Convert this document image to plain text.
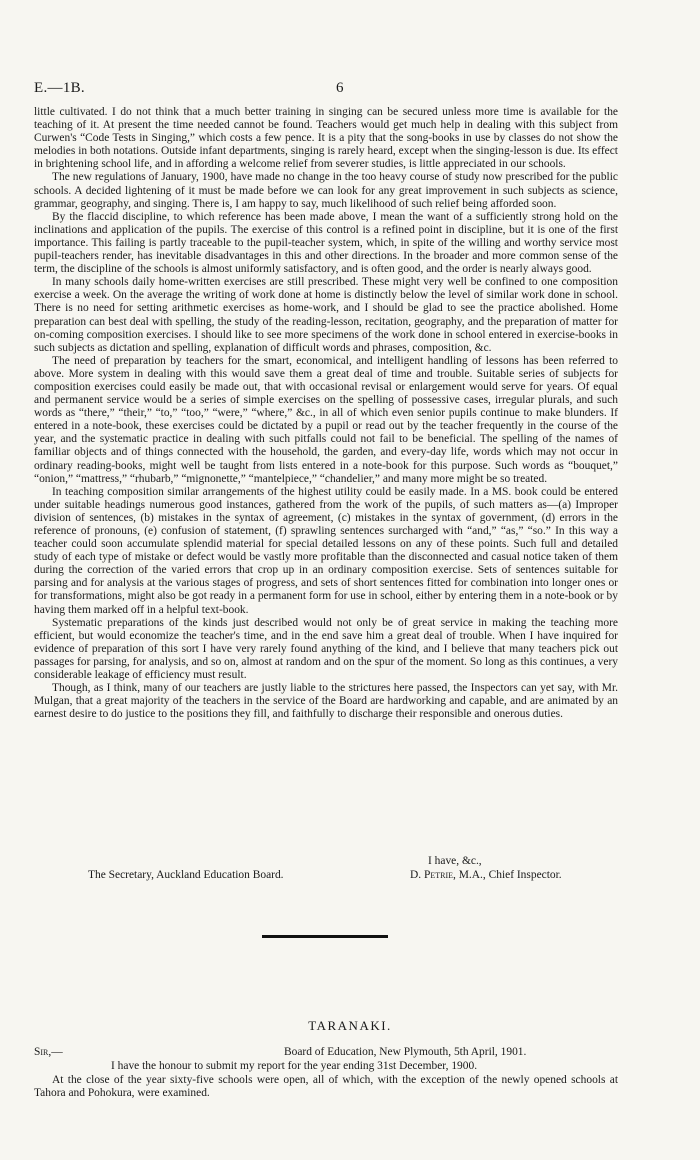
E.—1B.	6

little cultivated. I do not think that a much better training in singing can be secured unless more time is available for the teaching of it. At present the time needed cannot be found. Teachers would get much help in dealing with this subject from Curwen's “Code Tests in Singing,” which costs a few pence. It is a pity that the song-books in use by classes do not show the melodies in both notations. Outside infant departments, singing is rarely heard, except when the singing-lesson is due. Its effect in brightening school life, and in affording a welcome relief from severer studies, is little appreciated in our schools.

The new regulations of January, 1900, have made no change in the too heavy course of study now prescribed for the public schools. A decided lightening of it must be made before we can look for any great improvement in such subjects as science, grammar, geography, and singing. There is, I am happy to say, much likelihood of such relief being afforded soon.

By the flaccid discipline, to which reference has been made above, I mean the want of a sufficiently strong hold on the inclinations and application of the pupils. The exercise of this control is a refined point in discipline, but it is one of the first importance. This failing is partly traceable to the pupil-teacher system, which, in spite of the willing and worthy service most pupil-teachers render, has inevitable disadvantages in this and other directions. In the broader and more common sense of the term, the discipline of the schools is almost uniformly satisfactory, and is often good, and the order is nearly always good.

In many schools daily home-written exercises are still prescribed. These might very well be confined to one composition exercise a week. On the average the writing of work done at home is distinctly below the level of similar work done in school. There is no need for setting arithmetic exercises as home-work, and I should be glad to see the practice abolished. Home preparation can best deal with spelling, the study of the reading-lesson, recitation, geography, and the preparation of matter for on-coming composition exercises. I should like to see more specimens of the work done in school entered in exercise-books in such subjects as dictation and spelling, explanation of difficult words and phrases, composition, &c.

The need of preparation by teachers for the smart, economical, and intelligent handling of lessons has been referred to above. More system in dealing with this would save them a great deal of time and trouble. Suitable series of subjects for composition exercises could easily be made out, that with occasional revisal or enlargement would serve for years. Of equal and permanent service would be a series of simple exercises on the spelling of possessive cases, irregular plurals, and such words as “there,” “their,” “to,” “too,” “were,” “where,” &c., in all of which even senior pupils continue to make blunders. If entered in a note-book, these exercises could be dictated by a pupil or read out by the teacher frequently in the course of the year, and the systematic practice in dealing with such pitfalls could not fail to be beneficial. The spelling of the names of familiar objects and of things connected with the household, the garden, and every-day life, words which may not occur in ordinary reading-books, might well be taught from lists entered in a note-book for this purpose. Such words as “bouquet,” “onion,” “mattress,” “rhubarb,” “mignonette,” “mantelpiece,” “chandelier,” and many more might be so treated.

In teaching composition similar arrangements of the highest utility could be easily made. In a MS. book could be entered under suitable headings numerous good instances, gathered from the work of the pupils, of such matters as—(a) Improper division of sentences, (b) mistakes in the syntax of agreement, (c) mistakes in the syntax of government, (d) errors in the reference of pronouns, (e) confusion of statement, (f) sprawling sentences surcharged with “and,” “as,” “so.” In this way a teacher could soon accumulate splendid material for special detailed lessons on any of these points. Such full and detailed study of each type of mistake or defect would be vastly more profitable than the disconnected and casual notice taken of them during the correction of the varied errors that crop up in an ordinary composition exercise. Sets of sentences suitable for parsing and for analysis at the various stages of progress, and sets of short sentences fitted for combination into longer ones or for transformations, might also be got ready in a permanent form for use in school, either by entering them in a note-book or by having them marked off in a helpful text-book.

Systematic preparations of the kinds just described would not only be of great service in making the teaching more efficient, but would economize the teacher's time, and in the end save him a great deal of trouble. When I have inquired for evidence of preparation of this sort I have very rarely found anything of the kind, and I believe that many teachers pick out passages for parsing, for analysis, and so on, almost at random and on the spur of the moment. So long as this continues, a very considerable leakage of efficiency must result.

Though, as I think, many of our teachers are justly liable to the strictures here passed, the Inspectors can yet say, with Mr. Mulgan, that a great majority of the teachers in the service of the Board are hardworking and capable, and are animated by an earnest desire to do justice to the positions they fill, and faithfully to discharge their responsible and onerous duties.

I have, &c.,
The Secretary, Auckland Education Board.	D. Petrie, M.A., Chief Inspector.
TARANAKI.
Sir,—	Board of Education, New Plymouth, 5th April, 1901.
I have the honour to submit my report for the year ending 31st December, 1900.
At the close of the year sixty-five schools were open, all of which, with the exception of the newly opened schools at Tahora and Pohokura, were examined.
